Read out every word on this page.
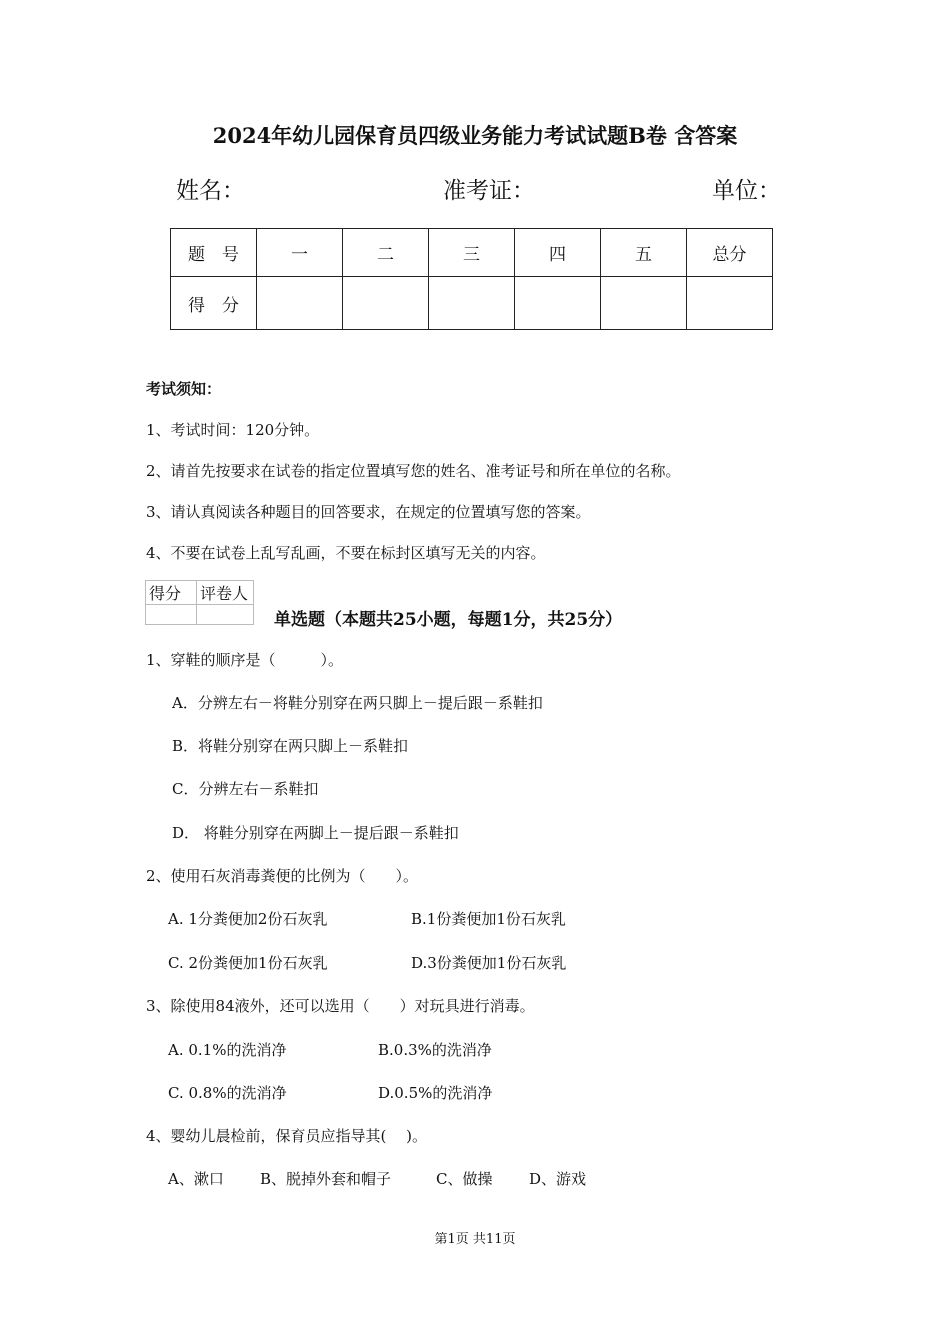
2024年幼儿园保育员四级业务能力考试试题B卷 含答案
姓名：	准考证：	单位：
题　号	一	二	三	四	五	总分
得　分						
考试须知：
1、考试时间：120分钟。
2、请首先按要求在试卷的指定位置填写您的姓名、准考证号和所在单位的名称。
3、请认真阅读各种题目的回答要求，在规定的位置填写您的答案。
4、不要在试卷上乱写乱画，不要在标封区填写无关的内容。
得分	评卷人

单选题（本题共25小题，每题1分，共25分）
1、穿鞋的顺序是（　　　）。
A．分辨左右－将鞋分别穿在两只脚上－提后跟－系鞋扣
B．将鞋分别穿在两只脚上－系鞋扣
C．分辨左右－系鞋扣
D． 将鞋分别穿在两脚上－提后跟－系鞋扣
2、使用石灰消毒粪便的比例为（　　）。
A. 1分粪便加2份石灰乳	B.1份粪便加1份石灰乳
C. 2份粪便加1份石灰乳	D.3份粪便加1份石灰乳
3、除使用84液外，还可以选用（　　）对玩具进行消毒。
A. 0.1%的洗消净	B.0.3%的洗消净
C. 0.8%的洗消净	D.0.5%的洗消净
4、婴幼儿晨检前，保育员应指导其(　 )。
A、漱口 B、脱掉外套和帽子	C、做操 D、游戏
第1页 共11页
